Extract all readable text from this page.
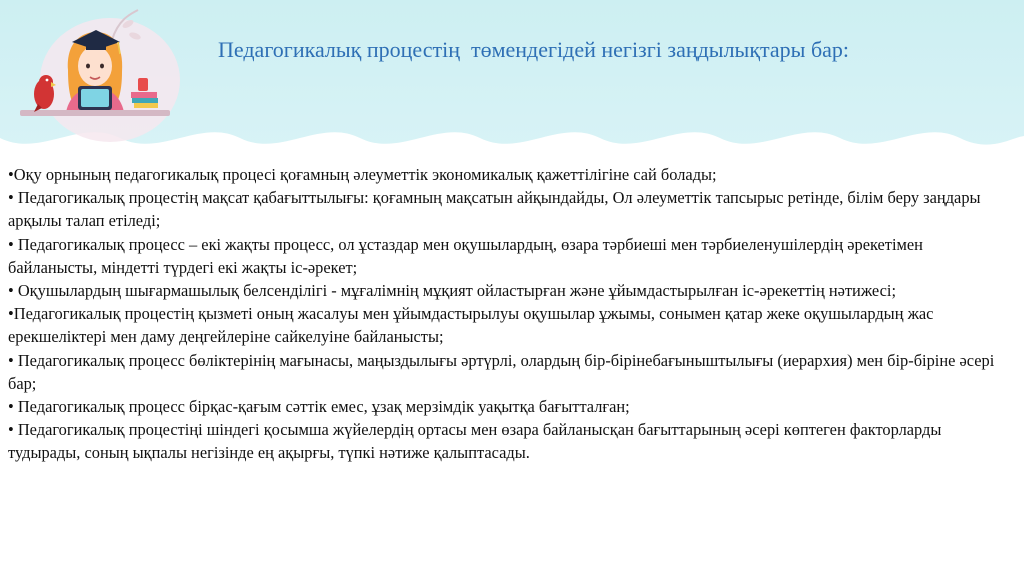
Педагогикалық процестің  төмендегідей негізгі заңдылықтары бар:

•Оқу орнының педагогикалық процесі қоғамның әлеуметтік экономикалық қажеттілігіне сай болады;

• Педагогикалық процестің мақсат қабағыттылығы: қоғамның мақсатын айқындайды, Ол әлеуметтік тапсырыс ретінде, білім беру заңдары арқылы талап етіледі;

• Педагогикалық процесс – екі жақты процесс, ол ұстаздар мен оқушылардың, өзара тәрбиеші мен тәрбиеленушілердің әрекетімен байланысты, міндетті түрдегі екі жақты іс-әрекет;

• Оқушылардың шығармашылық белсенділігі - мұғалімнің мұқият ойластырған және ұйымдастырылған іс-әрекеттің нәтижесі;

•Педагогикалық процестің қызметі оның жасалуы мен ұйымдастырылуы оқушылар ұжымы, сонымен қатар жеке оқушылардың жас ерекшеліктері мен даму деңгейлеріне сайкелуіне байланысты;

• Педагогикалық процесс бөліктерінің мағынасы, маңыздылығы әртүрлі, олардың бір-бірінебағыныштылығы (иерархия) мен бір-біріне әсері бар;

• Педагогикалық процесс бірқас-қағым сәттік емес, ұзақ мерзімдік уақытқа бағытталған;

• Педагогикалық процестіңі шіндегі қосымша жүйелердің ортасы мен өзара байланысқан бағыттарының әсері көптеген факторларды тудырады, соның ықпалы негізінде ең ақырғы, түпкі нәтиже қалыптасады.
